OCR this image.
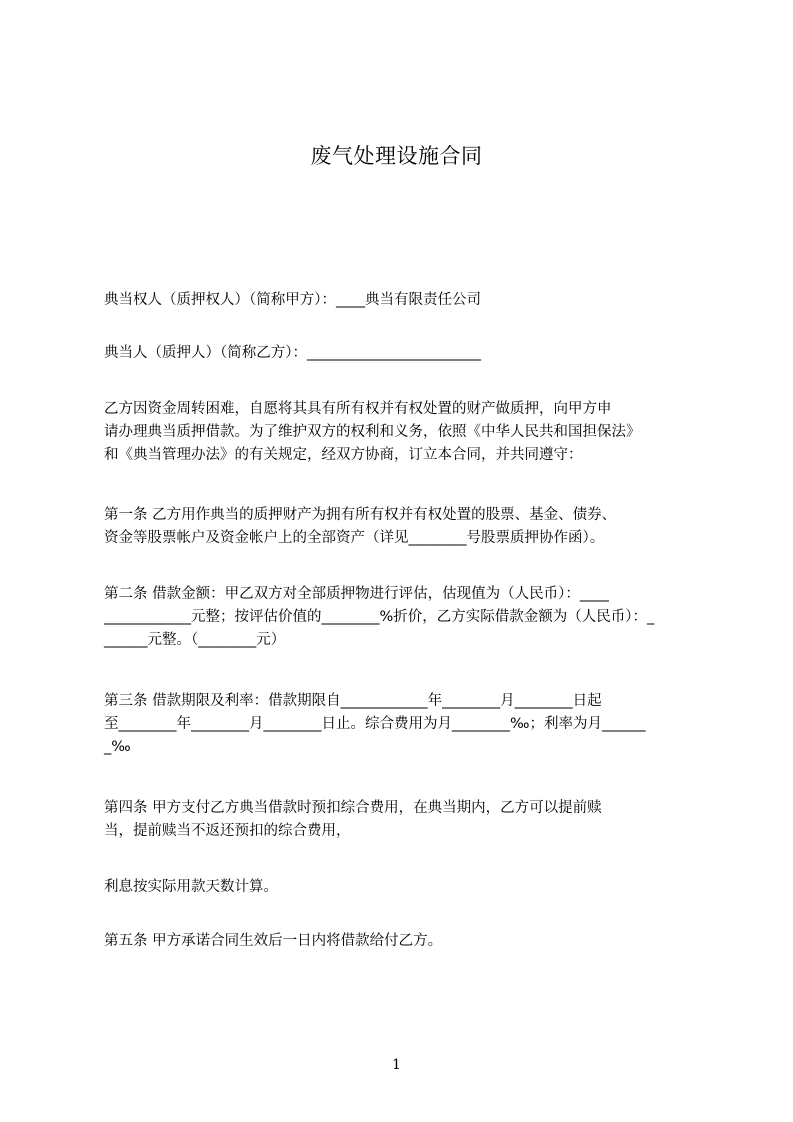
废气处理设施合同
典当权人（质押权人）（简称甲方）：____典当有限责任公司
典当人（质押人）（简称乙方）：________________________
乙方因资金周转困难，自愿将其具有所有权并有权处置的财产做质押，向甲方申
请办理典当质押借款。为了维护双方的权利和义务，依照《中华人民共和国担保法》
和《典当管理办法》的有关规定，经双方协商，订立本合同，并共同遵守：
第一条 乙方用作典当的质押财产为拥有所有权并有权处置的股票、基金、债券、
资金等股票帐户及资金帐户上的全部资产（详见________号股票质押协作函）。
第二条 借款金额：甲乙双方对全部质押物进行评估，估现值为（人民币）：____
____________元整；按评估价值的________%折价，乙方实际借款金额为（人民币）：_
______元整。（________元）
第三条 借款期限及利率：借款期限自____________年________月________日起
至________年________月________日止。综合费用为月________‰；利率为月______
_‰
第四条 甲方支付乙方典当借款时预扣综合费用，在典当期内，乙方可以提前赎
当，提前赎当不返还预扣的综合费用，
利息按实际用款天数计算。
第五条 甲方承诺合同生效后一日内将借款给付乙方。
1
